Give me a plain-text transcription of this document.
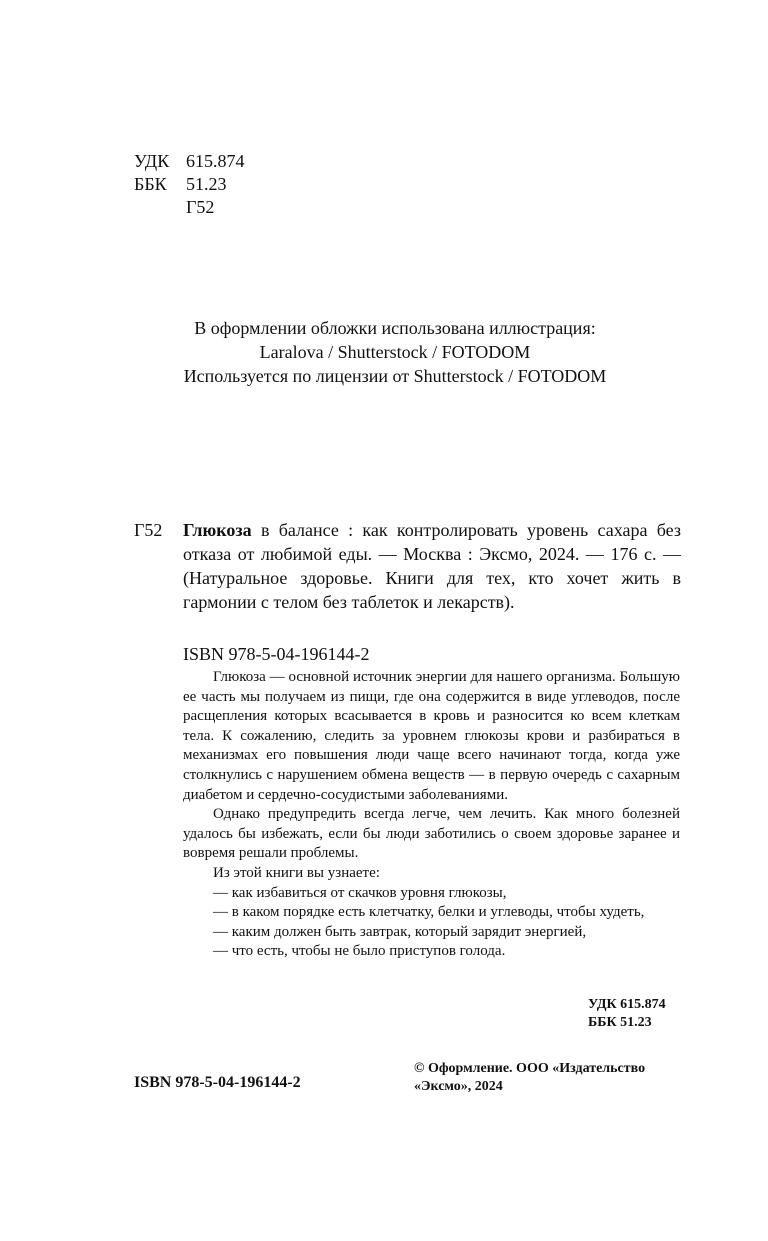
УДК 615.874
ББК 51.23
Г52
В оформлении обложки использована иллюстрация:
Laralova / Shutterstock / FOTODOM
Используется по лицензии от Shutterstock / FOTODOM
Г52 Глюкоза в балансе : как контролировать уровень сахара без отказа от любимой еды. — Москва : Эксмо, 2024. — 176 с. — (Натуральное здоровье. Книги для тех, кто хочет жить в гармонии с телом без таблеток и лекарств).
ISBN 978-5-04-196144-2

Глюкоза — основной источник энергии для нашего организма. Большую ее часть мы получаем из пищи, где она содержится в виде углеводов, после расщепления которых всасывается в кровь и разносится ко всем клеткам тела. К сожалению, следить за уровнем глюкозы крови и разбираться в механизмах его повышения люди чаще всего начинают тогда, когда уже столкнулись с нарушением обмена веществ — в первую очередь с сахарным диабетом и сердечно-сосудистыми заболеваниями.

Однако предупредить всегда легче, чем лечить. Как много болезней удалось бы избежать, если бы люди заботились о своем здоровье заранее и вовремя решали проблемы.

Из этой книги вы узнаете:

— как избавиться от скачков уровня глюкозы,

— в каком порядке есть клетчатку, белки и углеводы, чтобы худеть,

— каким должен быть завтрак, который зарядит энергией,

— что есть, чтобы не было приступов голода.

УДК 615.874
ББК 51.23
ISBN 978-5-04-196144-2
© Оформление. ООО «Издательство «Эксмо», 2024
